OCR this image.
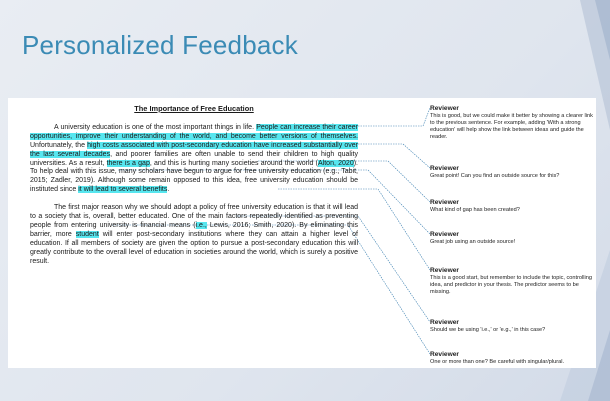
Personalized Feedback

The Importance of Free Education

A university education is one of the most important things in life. People can increase their career opportunities, improve their understanding of the world, and become better versions of themselves. Unfortunately, the high costs associated with post-secondary education have increased substantially over the last several decades, and poorer families are often unable to send their children to high quality universities. As a result, there is a gap, and this is hurting many societies around the world (Alton, 2020). To help deal with this issue, many scholars have begun to argue for free university education (e.g., Tabit, 2015; Zadler, 2019). Although some remain opposed to this idea, free university education should be instituted since it will lead to several benefits.

The first major reason why we should adopt a policy of free university education is that it will lead to a society that is, overall, better educated. One of the main factors repeatedly identified as preventing people from entering university is financial means (i.e., Lewis, 2016; Smith, 2020). By eliminating this barrier, more student will enter post-secondary institutions where they can attain a higher level of education. If all members of society are given the option to pursue a post-secondary education this will greatly contribute to the overall level of education in societies around the world, which is surely a positive result.

Reviewer
This is good, but we could make it better by showing a clearer link to the previous sentence. For example, adding 'With a strong education' will help show the link between ideas and guide the reader.
Reviewer
Great point! Can you find an outside source for this?
Reviewer
What kind of gap has been created?
Reviewer
Great job using an outside source!
Reviewer
This is a good start, but remember to include the topic, controlling idea, and predictor in your thesis. The predictor seems to be missing.
Reviewer
Should we be using 'i.e.,' or 'e.g.,' in this case?
Reviewer
One or more than one? Be careful with singular/plural.
